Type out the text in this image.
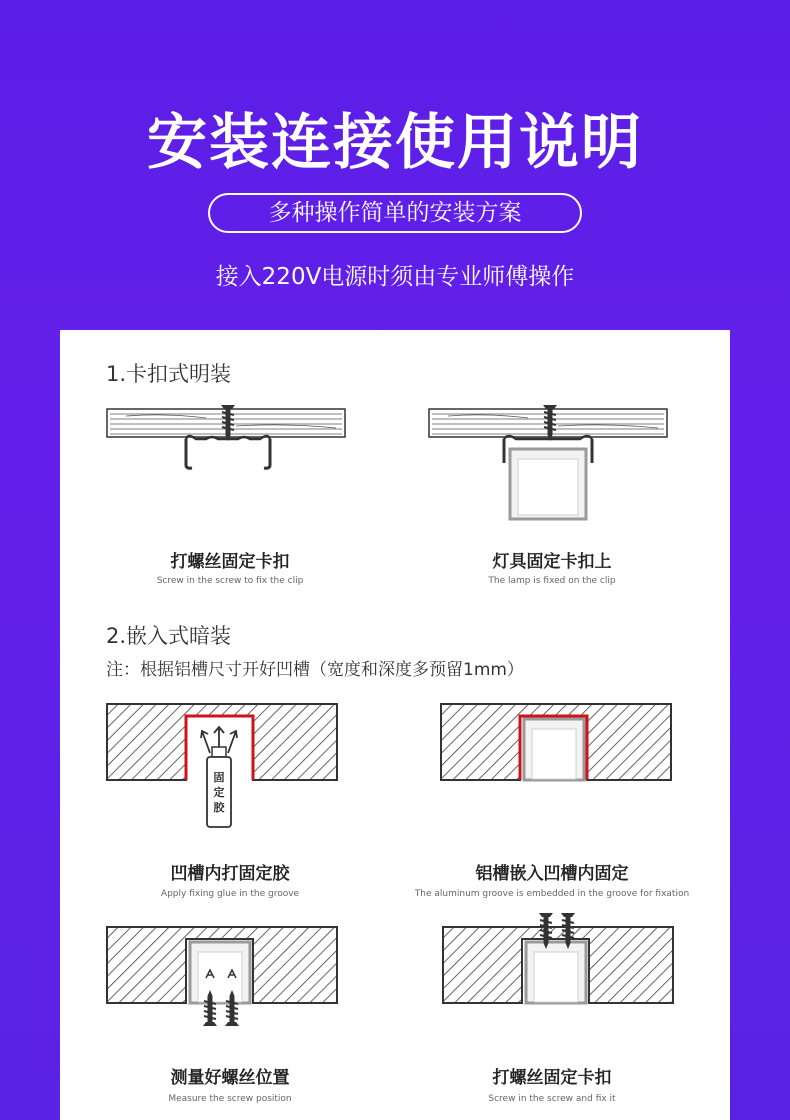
安装连接使用说明
多种操作简单的安装方案
接入220V电源时须由专业师傅操作
1.卡扣式明装
打螺丝固定卡扣
Screw in the screw to fix the clip
灯具固定卡扣上
The lamp is fixed on the clip
2.嵌入式暗装
注：根据铝槽尺寸开好凹槽（宽度和深度多预留1mm）
固
定
胶
凹槽内打固定胶
Apply fixing glue in the groove
铝槽嵌入凹槽内固定
The aluminum groove is embedded in the groove for fixation
测量好螺丝位置
Measure the screw position
打螺丝固定卡扣
Screw in the screw and fix it
